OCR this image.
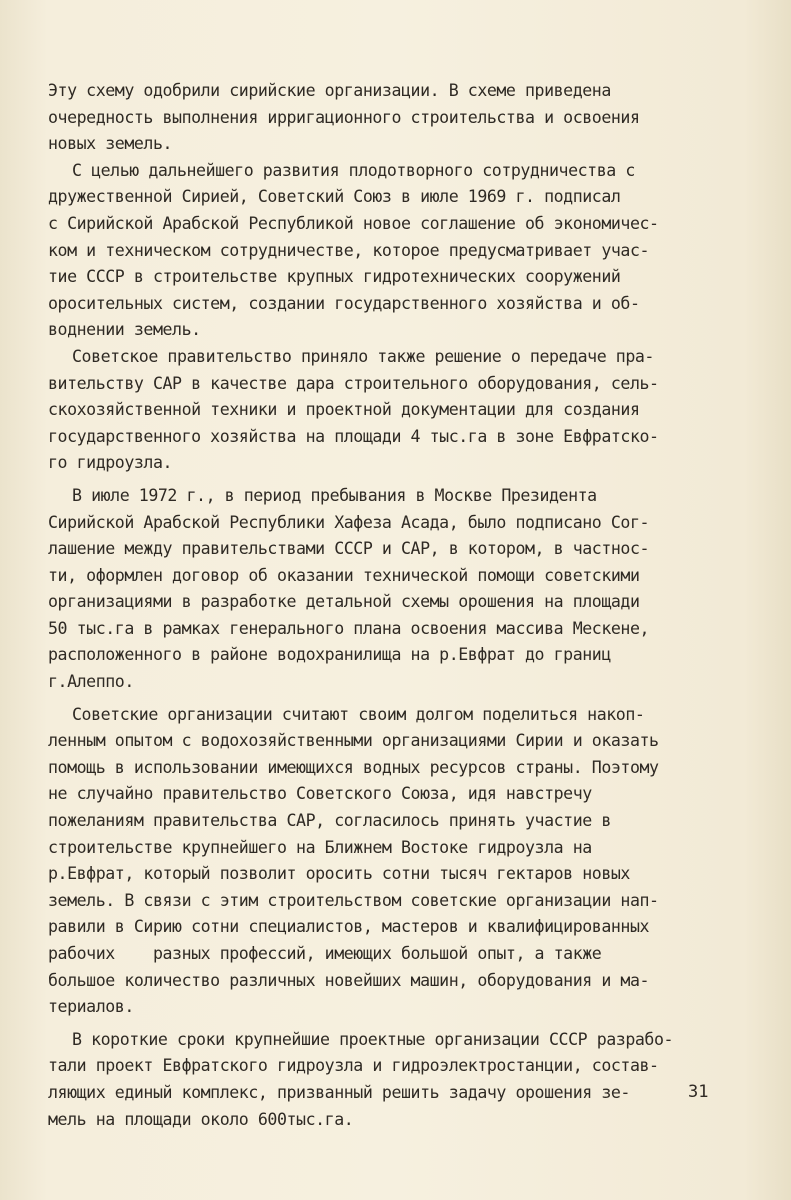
Эту схему одобрили сирийские организации. В схеме приведена
очередность выполнения ирригационного строительства и освоения
новых земель.
С целью дальнейшего развития плодотворного сотрудничества с
дружественной Сирией, Советский Союз в июле 1969 г. подписал
с Сирийской Арабской Республикой новое соглашение об экономичес-
ком и техническом сотрудничестве, которое предусматривает учас-
тие СССР в строительстве крупных гидротехнических сооружений
оросительных систем, создании государственного хозяйства и об-
воднении земель.
Советское правительство приняло также решение о передаче пра-
вительству САР в качестве дара строительного оборудования, сель-
скохозяйственной техники и проектной документации для создания
государственного хозяйства на площади 4 тыс.га в зоне Евфратско-
го гидроузла.
В июле 1972 г., в период пребывания в Москве Президента
Сирийской Арабской Республики Хафеза Асада, было подписано Сог-
лашение между правительствами СССР и САР, в котором, в частнос-
ти, оформлен договор об оказании технической помощи советскими
организациями в разработке детальной схемы орошения на площади
50 тыс.га в рамках генерального плана освоения массива Мескене,
расположенного в районе водохранилища на р.Евфрат до границ
г.Алеппо.
Советские организации считают своим долгом поделиться накоп-
ленным опытом с водохозяйственными организациями Сирии и оказать
помощь в использовании имеющихся водных ресурсов страны. Поэтому
не случайно правительство Советского Союза, идя навстречу
пожеланиям правительства САР, согласилось принять участие в
строительстве крупнейшего на Ближнем Востоке гидроузла на
р.Евфрат, который позволит оросить сотни тысяч гектаров новых
земель. В связи с этим строительством советские организации нап-
равили в Сирию сотни специалистов, мастеров и квалифицированных
рабочих    разных профессий, имеющих большой опыт, а также
большое количество различных новейших машин, оборудования и ма-
териалов.
В короткие сроки крупнейшие проектные организации СССР разрабо-
тали проект Евфратского гидроузла и гидроэлектростанции, состав-
ляющих единый комплекс, призванный решить задачу орошения зе-
мель на площади около 600тыс.га.
31
